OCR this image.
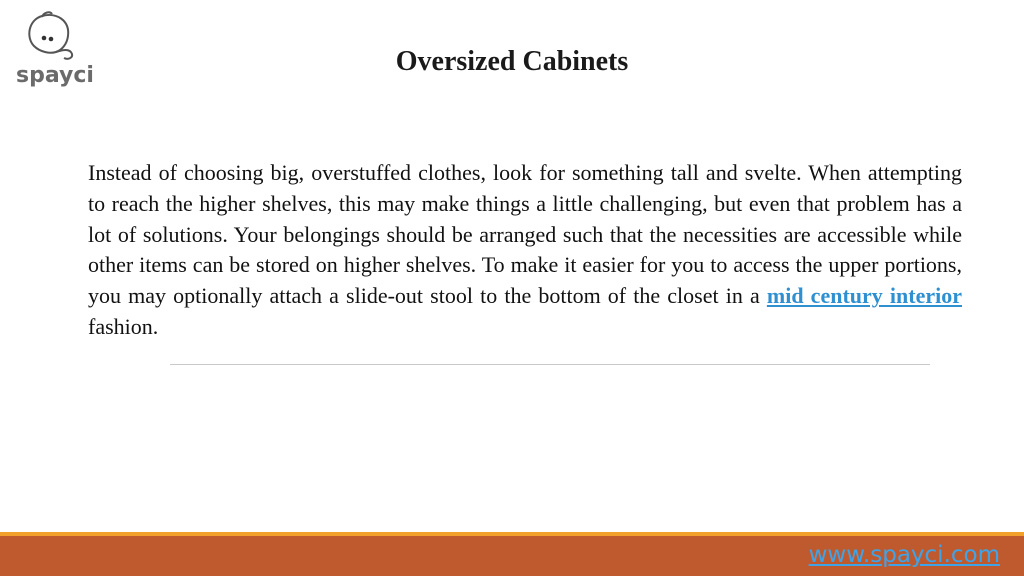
spayci	Oversized Cabinets

Instead of choosing big, overstuffed clothes, look for something tall and svelte. When attempting to reach the higher shelves, this may make things a little challenging, but even that problem has a lot of solutions. Your belongings should be arranged such that the necessities are accessible while other items can be stored on higher shelves. To make it easier for you to access the upper portions, you may optionally attach a slide-out stool to the bottom of the closet in a mid century interior fashion.

www.spayci.com
